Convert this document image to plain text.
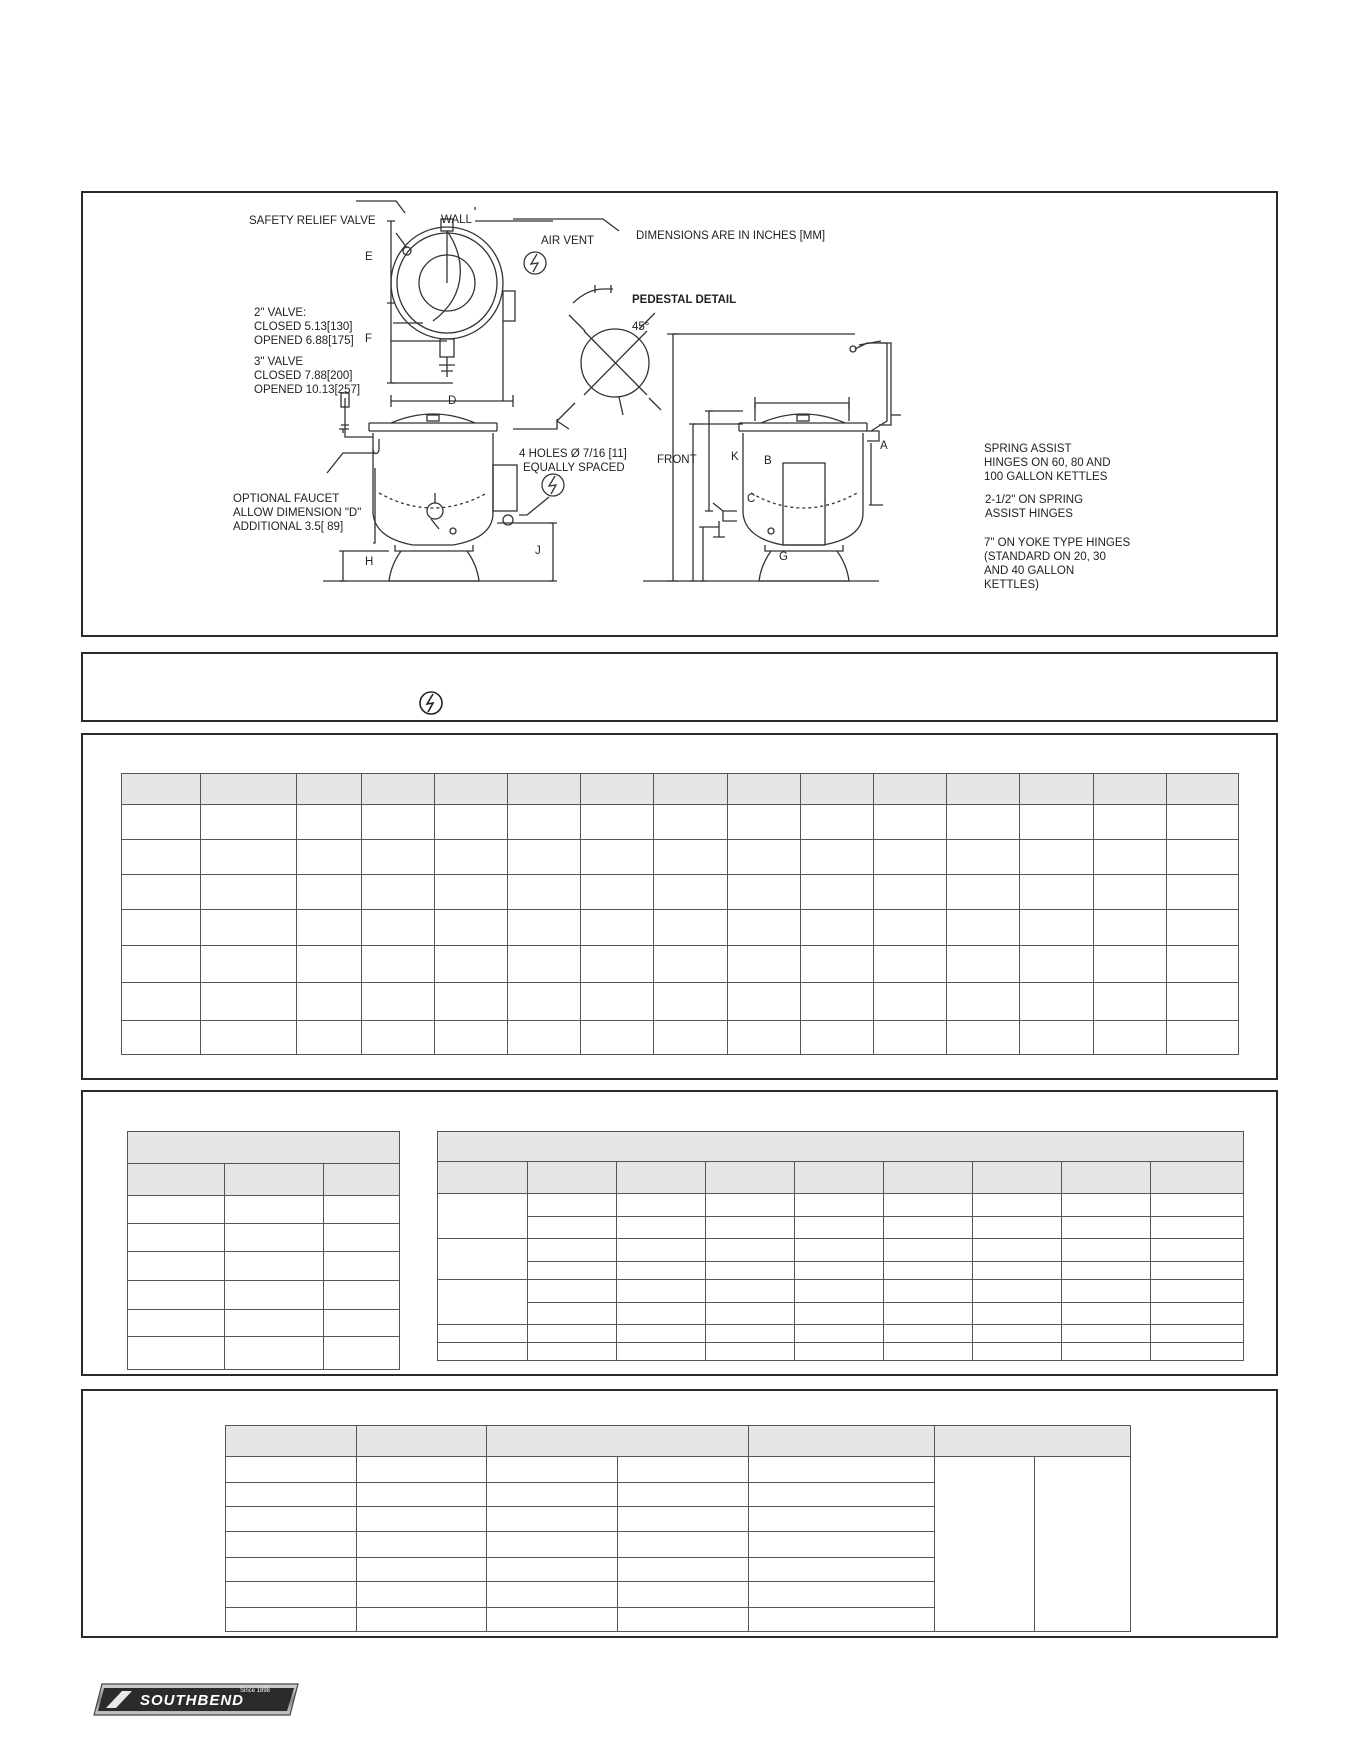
SAFETY RELIEF VALVE	WALL
AIR VENT	DIMENSIONS ARE IN INCHES [MM]
PEDESTAL DETAIL
45°
2" VALVE:
CLOSED 5.13[130]
OPENED 6.88[175]
3" VALVE
CLOSED 7.88[200]
OPENED 10.13[257]
4 HOLES Ø 7/16 [11]
EQUALLY SPACED
FRONT
OPTIONAL FAUCET
ALLOW DIMENSION "D"
ADDITIONAL 3.5[ 89]
SPRING ASSIST
HINGES ON 60, 80 AND
100 GALLON KETTLES
2-1/2" ON SPRING
ASSIST HINGES
7" ON YOKE TYPE HINGES
(STANDARD ON 20, 30
AND 40 GALLON
KETTLES)
E
F
D
H
J
K
C
B
G
A

SOUTHBEND
Since 1898
